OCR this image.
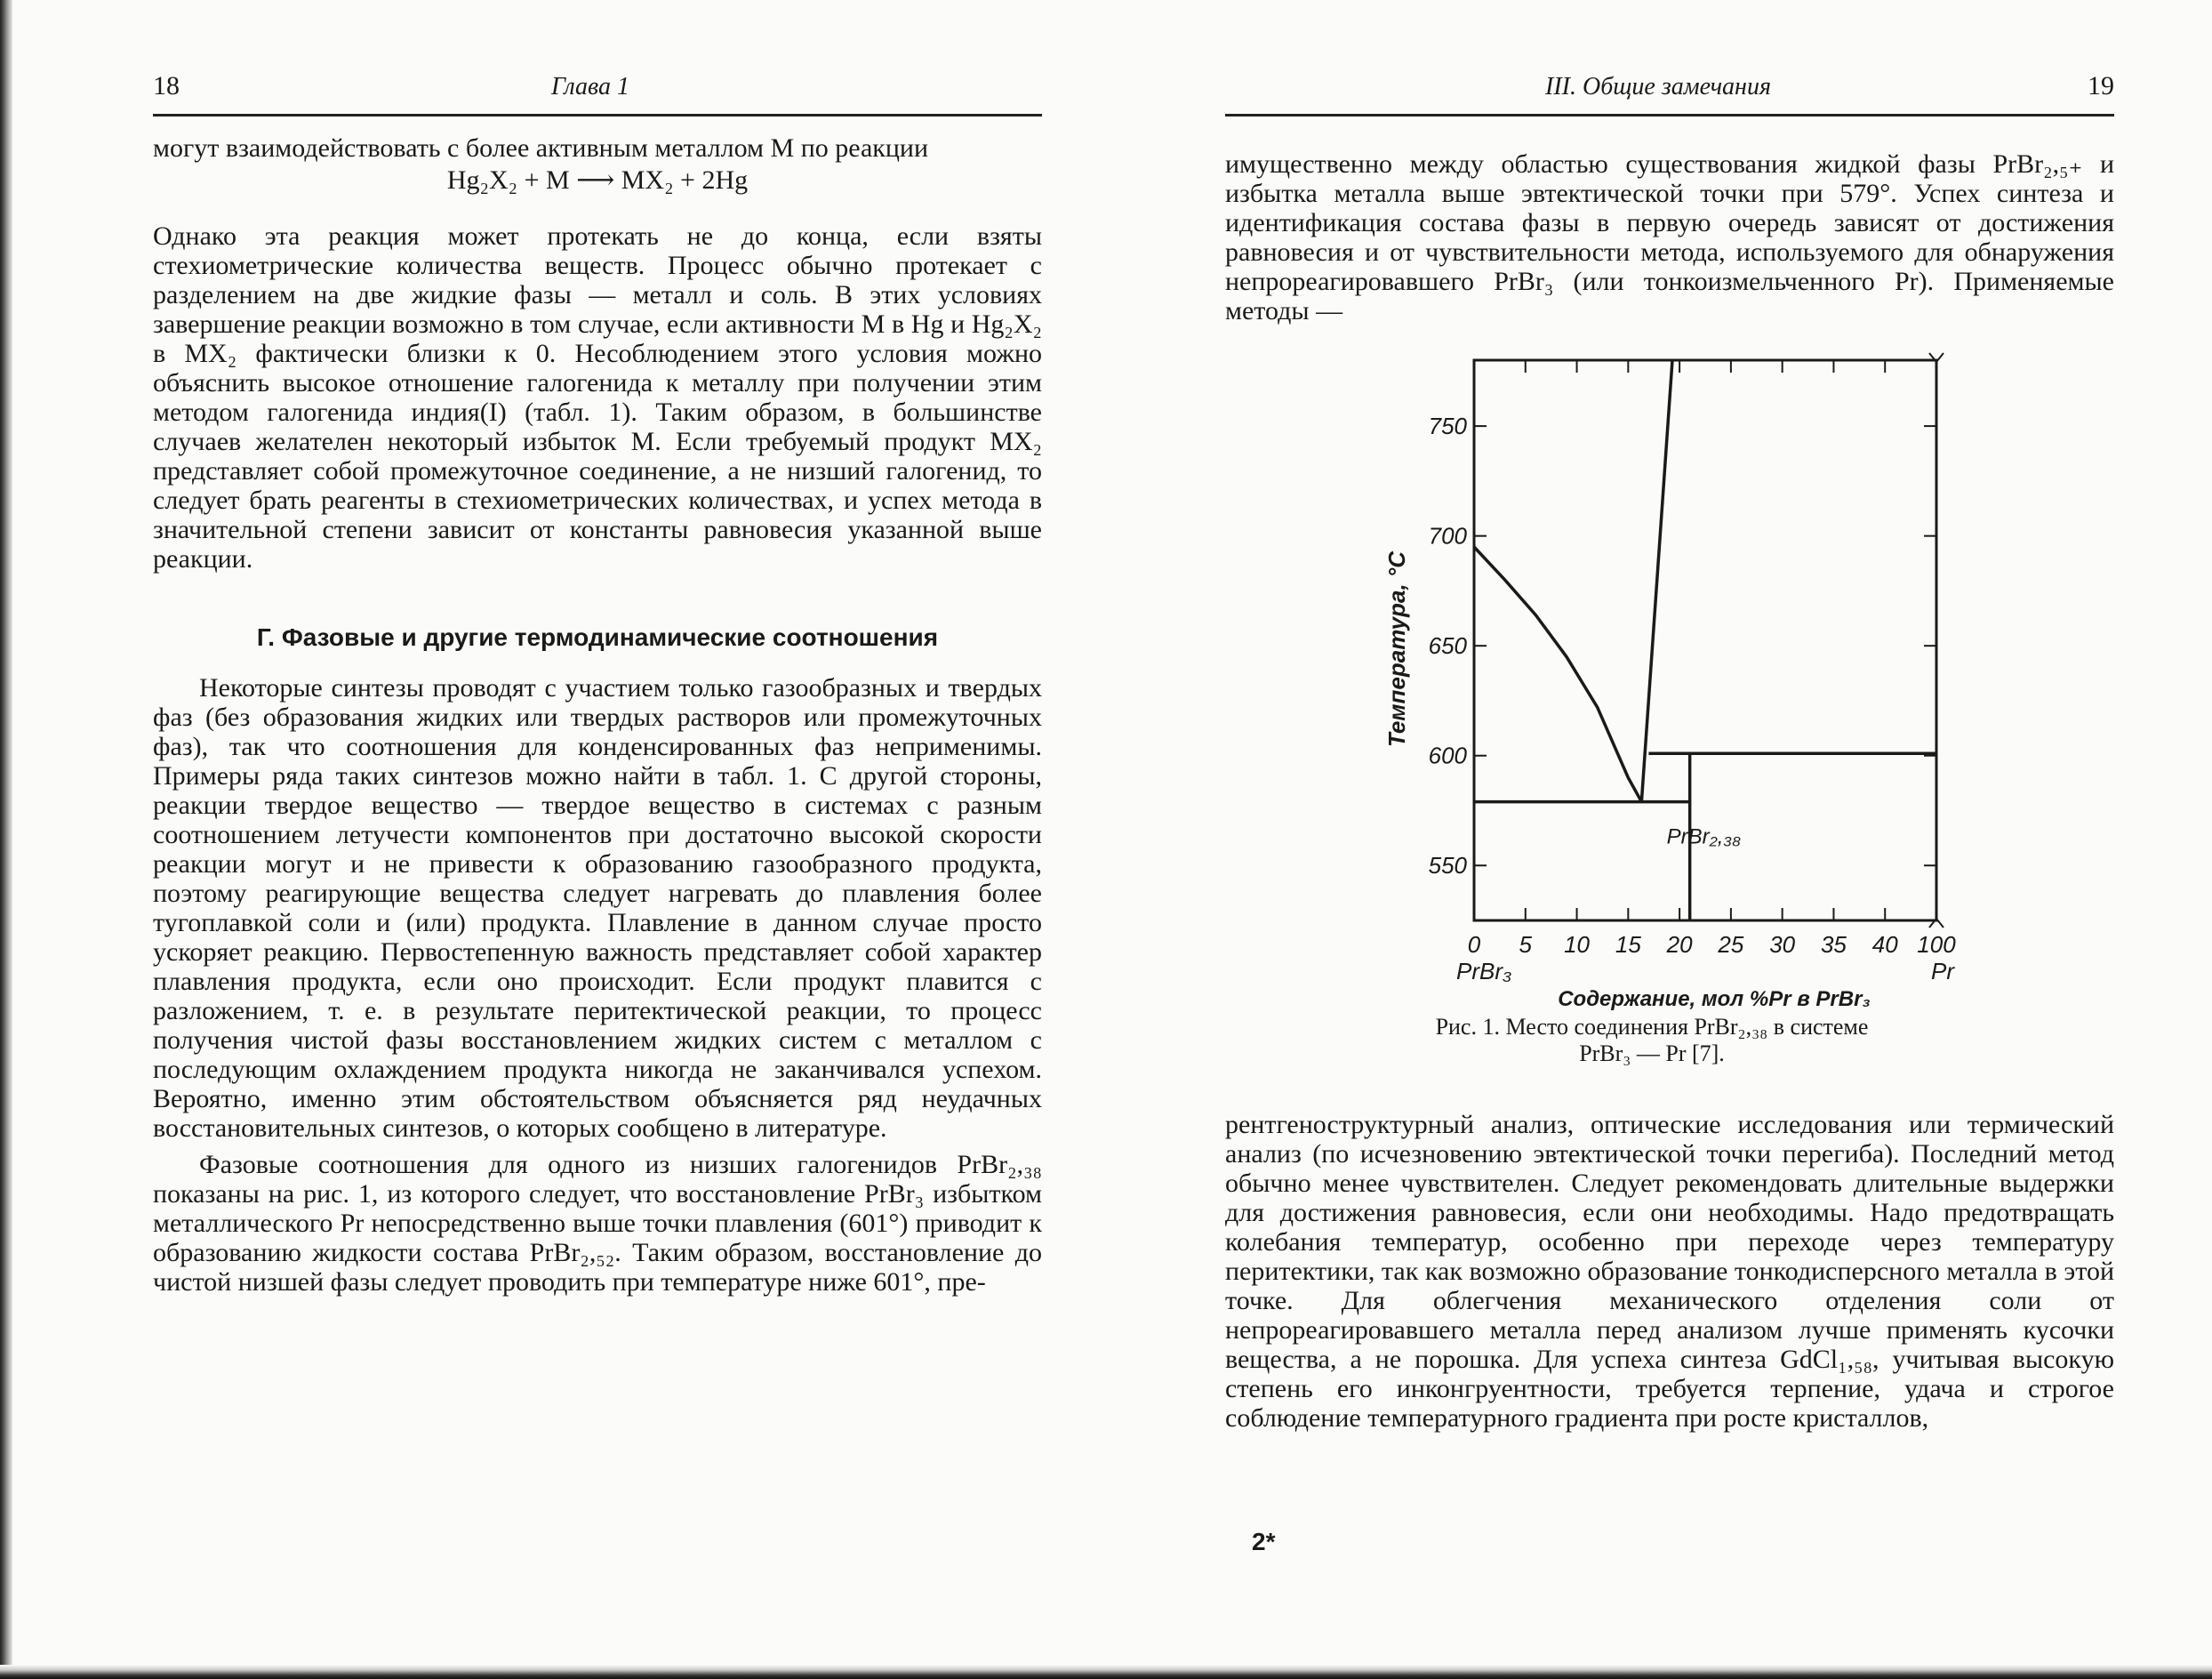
18	Глава 1

могут взаимодействовать с более активным металлом М по реакции

Hg₂X₂ + M ⟶ MX₂ + 2Hg

Однако эта реакция может протекать не до конца, если взяты стехиометрические количества веществ. Процесс обычно протекает с разделением на две жидкие фазы — металл и соль. В этих условиях завершение реакции возможно в том случае, если активности M в Hg и Hg₂X₂ в MX₂ фактически близки к 0. Несоблюдением этого условия можно объяснить высокое отношение галогенида к металлу при получении этим методом галогенида индия(I) (табл. 1). Таким образом, в большинстве случаев желателен некоторый избыток M. Если требуемый продукт MX₂ представляет собой промежуточное соединение, а не низший галогенид, то следует брать реагенты в стехиометрических количествах, и успех метода в значительной степени зависит от константы равновесия указанной выше реакции.

Г. Фазовые и другие термодинамические соотношения

Некоторые синтезы проводят с участием только газообразных и твердых фаз (без образования жидких или твердых растворов или промежуточных фаз), так что соотношения для конденсированных фаз неприменимы. Примеры ряда таких синтезов можно найти в табл. 1. С другой стороны, реакции твердое вещество — твердое вещество в системах с разным соотношением летучести компонентов при достаточно высокой скорости реакции могут и не привести к образованию газообразного продукта, поэтому реагирующие вещества следует нагревать до плавления более тугоплавкой соли и (или) продукта. Плавление в данном случае просто ускоряет реакцию. Первостепенную важность представляет собой характер плавления продукта, если оно происходит. Если продукт плавится с разложением, т. е. в результате перитектической реакции, то процесс получения чистой фазы восстановлением жидких систем с металлом с последующим охлаждением продукта никогда не заканчивался успехом. Вероятно, именно этим обстоятельством объясняется ряд неудачных восстановительных синтезов, о которых сообщено в литературе.

Фазовые соотношения для одного из низших галогенидов PrBr₂,₃₈ показаны на рис. 1, из которого следует, что восстановление PrBr₃ избытком металлического Pr непосредственно выше точки плавления (601°) приводит к образованию жидкости состава PrBr₂,₅₂. Таким образом, восстановление до чистой низшей фазы следует проводить при температуре ниже 601°, пре-

III. Общие замечания	19

имущественно между областью существования жидкой фазы PrBr₂,₅₊ и избытка металла выше эвтектической точки при 579°. Успех синтеза и идентификация состава фазы в первую очередь зависят от достижения равновесия и от чувствительности метода, используемого для обнаружения непрореагировавшего PrBr₃ (или тонкоизмельченного Pr). Применяемые методы —

550
600
650
700
750
0 5 10 15 20 25 30 35 40 100
PrBr₂,₃₈
Температура, °C
PrBr₃	Pr
Содержание, мол %Pr в PrBr₃
Рис. 1. Место соединения PrBr₂,₃₈ в системе
PrBr₃ — Pr [7].

рентгеноструктурный анализ, оптические исследования или термический анализ (по исчезновению эвтектической точки перегиба). Последний метод обычно менее чувствителен. Следует рекомендовать длительные выдержки для достижения равновесия, если они необходимы. Надо предотвращать колебания температур, особенно при переходе через температуру перитектики, так как возможно образование тонкодисперсного металла в этой точке. Для облегчения механического отделения соли от непрореагировавшего металла перед анализом лучше применять кусочки вещества, а не порошка. Для успеха синтеза GdCl₁,₅₈, учитывая высокую степень его инконгруентности, требуется терпение, удача и строгое соблюдение температурного градиента при росте кристаллов,

2*
